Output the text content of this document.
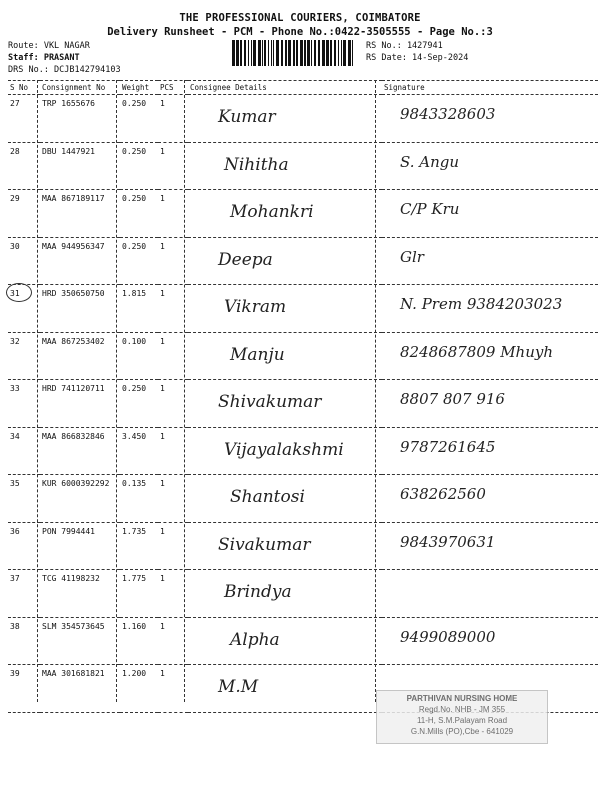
THE PROFESSIONAL COURIERS, COIMBATORE
Delivery Runsheet - PCM - Phone No.:0422-3505555 - Page No.:3
Route: VKL NAGAR
Staff: PRASANT
DRS No.: DCJB142794103
RS No.: 1427941
RS Date: 14-Sep-2024
S No	Consignment No	Weight	PCS	Consignee Details	Signature
27	TRP 1655676	0.250	1	Kumar	9843328603

28	DBU 1447921	0.250	1	Nihitha	S. Angu

29	MAA 867189117	0.250	1	Mohankri	C/P Kru

30	MAA 944956347	0.250	1	Deepa	Glr

31	HRD 350650750	1.815	1	Vikram	N. Prem 9384203023

32	MAA 867253402	0.100	1	Manju	8248687809 Mhuyh

33	HRD 741120711	0.250	1	Shivakumar	8807 807 916

34	MAA 866832846	3.450	1	Vijayalakshmi	9787261645

35	KUR 6000392292	0.135	1	Shantosi	638262560

36	PON 7994441	1.735	1	Sivakumar	9843970631

37	TCG 41198232	1.775	1	Brindya	

38	SLM 354573645	1.160	1	Alpha	9499089000

39	MAA 301681821	1.200	1	M.M	

PARTHIVAN NURSING HOME
Regd.No. NHB - JM 355
11-H, S.M.Palayam Road
G.N.Mills (PO),Cbe - 641029
